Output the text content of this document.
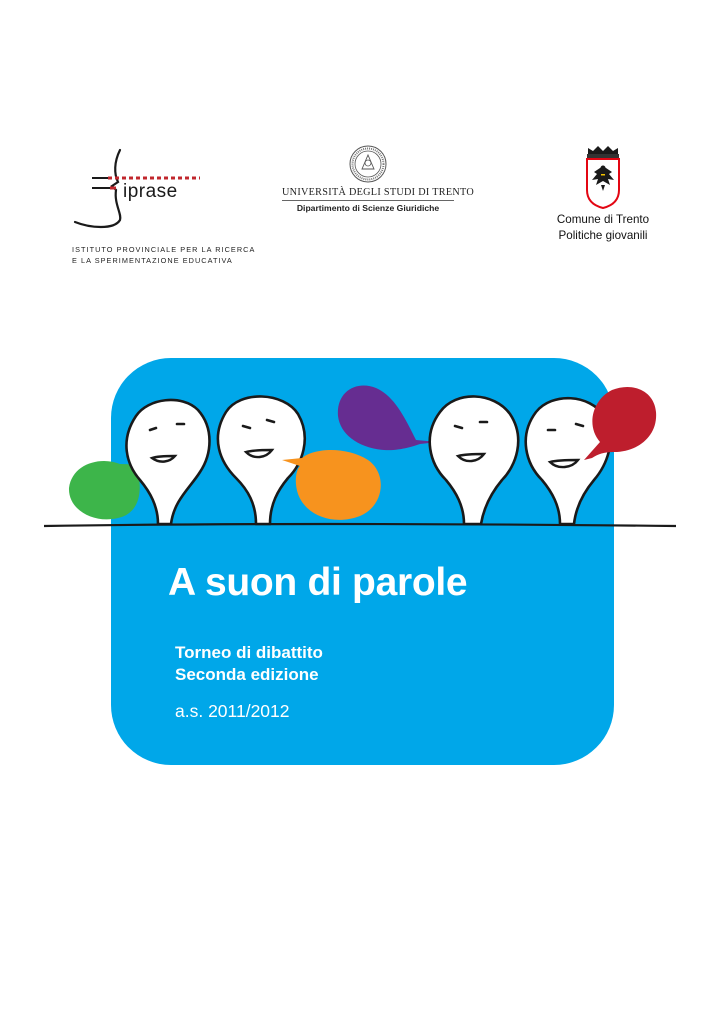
iprase
ISTITUTO PROVINCIALE PER LA RICERCA
E LA SPERIMENTAZIONE EDUCATIVA
UNIVERSITÀ DEGLI STUDI DI TRENTO
Dipartimento di Scienze Giuridiche
Comune di Trento
Politiche giovanili
A suon di parole
Torneo di dibattito
Seconda edizione
a.s. 2011/2012
